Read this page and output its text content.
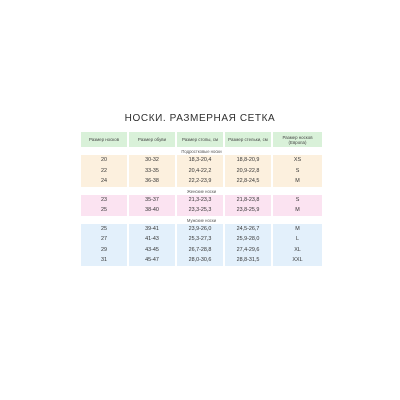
НОСКИ. РАЗМЕРНАЯ СЕТКА
Размер носков	Размер обуви	Размер стопы, см	Размер стельки, см	Размер носков (Европа)
Подростковые носки				
20	30-32	18,3-20,4	18,8-20,9	XS
22	33-35	20,4-22,2	20,9-22,8	S
24	36-38	22,2-23,9	22,8-24,5	M
Женские носки				
23	35-37	21,3-23,3	21,8-23,8	S
25	38-40	23,3-25,3	23,8-25,9	M
Мужские носки				
25	39-41	23,9-26,0	24,5-26,7	M
27	41-43	25,3-27,3	25,9-28,0	L
29	43-45	26,7-28,8	27,4-29,6	XL
31	45-47	28,0-30,6	28,8-31,5	XXL
